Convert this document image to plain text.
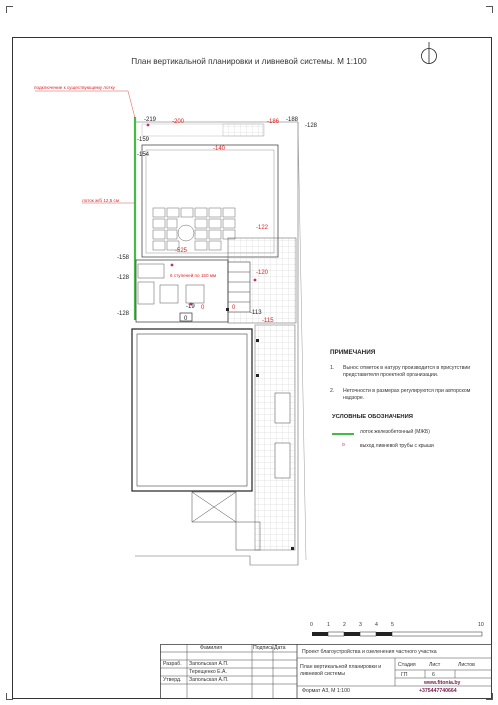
План вертикальной планировки и ливневой системы. М 1:100
подключение к существующему лотку
лоток ж/б 12,5 см
6 ступеней по 150 мм
-219	-200	-186 -188
-128
-159
-154
-140
-122
-158
-120
-128
-525
-19 0	0
-113
-128
-115
0
ПРИМЕЧАНИЯ
1. Вынос отметок в натуру производится в присутствии представителя проектной организации.
2. Неточности в размерах регулируются при авторском надзоре.
УСЛОВНЫЕ ОБОЗНАЧЕНИЯ
лоток железобетонный (МЖБ)
o	выход ливневой трубы с крыши
0	1	2	3	4	5	10
Фамилия	Подпись Дата
Разраб. Запольская А.П.
Терещенко Е.А.
Утверд. Запольская А.П.
Проект благоустройства и озеленения частного участка
План вертикальной планировки и ливневой системы
Стадия	Лист	Листов
ГП	6
www.fitonia.by
+375447740664
Формат А3, М 1:100
